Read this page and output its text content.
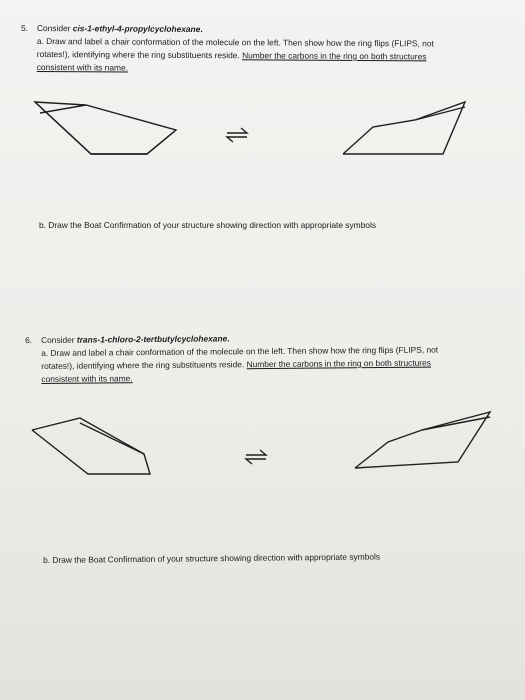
5. Consider cis-1-ethyl-4-propylcyclohexane.
a. Draw and label a chair conformation of the molecule on the left. Then show how the ring flips (FLIPS, not
rotates!), identifying where the ring substituents reside. Number the carbons in the ring on both structures
consistent with its name.
b. Draw the Boat Confirmation of your structure showing direction with appropriate symbols
6. Consider trans-1-chloro-2-tertbutylcyclohexane.
a. Draw and label a chair conformation of the molecule on the left. Then show how the ring flips (FLIPS, not
rotates!), identifying where the ring substituents reside. Number the carbons in the ring on both structures
consistent with its name.
b. Draw the Boat Confirmation of your structure showing direction with appropriate symbols
